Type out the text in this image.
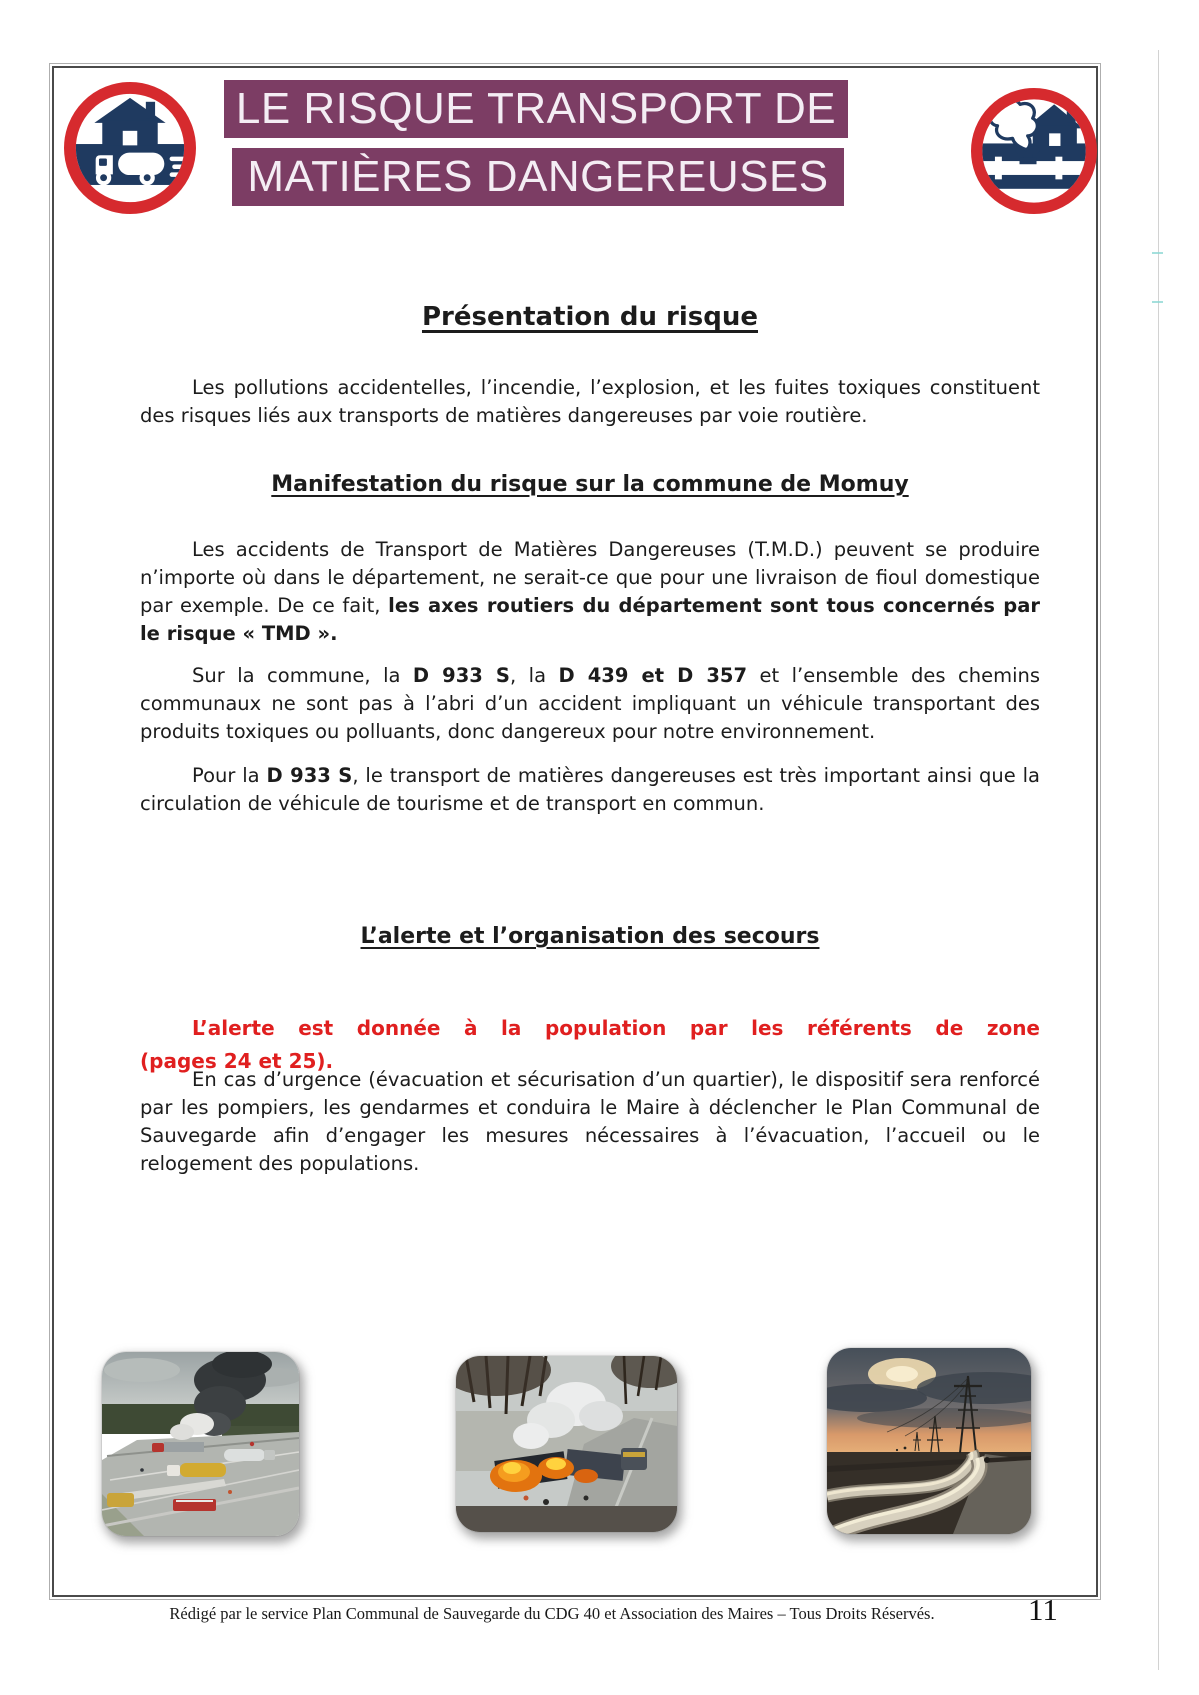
LE RISQUE TRANSPORT DE
MATIÈRES DANGEREUSES
Présentation du risque

Les pollutions accidentelles, l’incendie, l’explosion, et les fuites toxiques constituent des risques liés aux transports de matières dangereuses par voie routière.

Manifestation du risque sur la commune de Momuy

Les accidents de Transport de Matières Dangereuses (T.M.D.) peuvent se produire n’importe où dans le département, ne serait-ce que pour une livraison de fioul domestique par exemple. De ce fait, les axes routiers du département sont tous concernés par le risque « TMD ».

Sur la commune, la D 933 S, la D 439 et D 357 et l’ensemble des chemins communaux ne sont pas à l’abri d’un accident impliquant un véhicule transportant des produits toxiques ou polluants, donc dangereux pour notre environnement.

Pour la D 933 S, le transport de matières dangereuses est très important ainsi que la circulation de véhicule de tourisme et de transport en commun.

L’alerte et l’organisation des secours
L’alerte est donnée à la population par les référents de zone
(pages 24 et 25).

En cas d’urgence (évacuation et sécurisation d’un quartier), le dispositif sera renforcé par les pompiers, les gendarmes et conduira le Maire à déclencher le Plan Communal de Sauvegarde afin d’engager les mesures nécessaires à l’évacuation, l’accueil ou le relogement des populations.

Rédigé par le service Plan Communal de Sauvegarde du CDG 40 et Association des Maires – Tous Droits Réservés.	11
